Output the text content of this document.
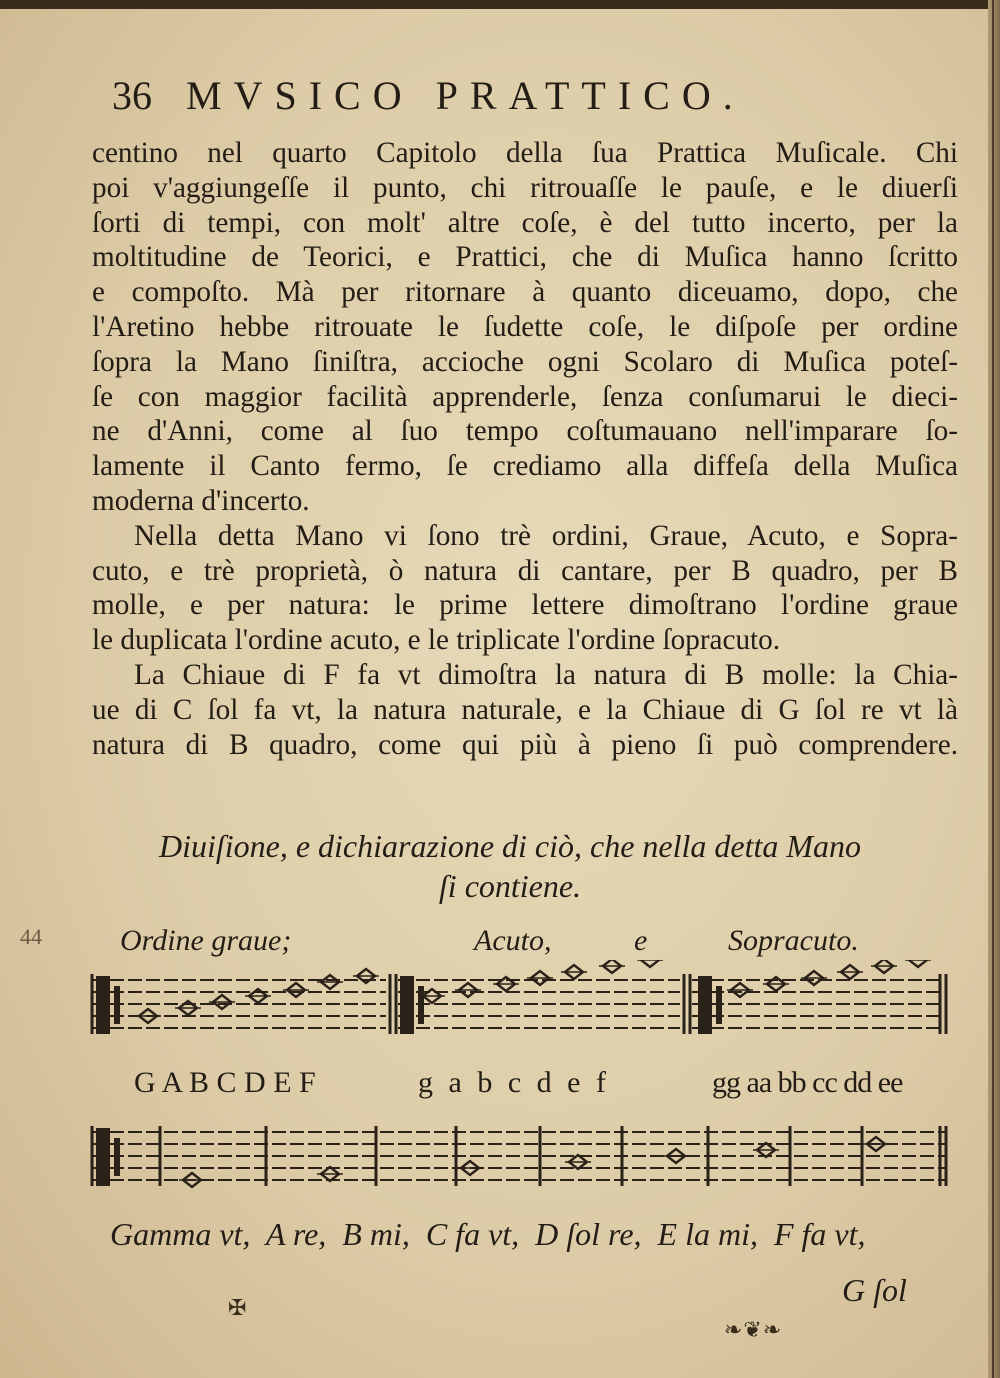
36 MVSICO PRATTICO.
centino nel quarto Capitolo della ſua Prattica Muſicale. Chi
poi v'aggiungeſſe il punto, chi ritrouaſſe le pauſe, e le diuerſi
ſorti di tempi, con molt' altre coſe, è del tutto incerto, per la
moltitudine de Teorici, e Prattici, che di Muſica hanno ſcritto
e compoſto. Mà per ritornare à quanto diceuamo, dopo, che
l'Aretino hebbe ritrouate le ſudette coſe, le diſpoſe per ordine
ſopra la Mano ſiniſtra, accioche ogni Scolaro di Muſica poteſ-
ſe con maggior facilità apprenderle, ſenza conſumarui le dieci-
ne d'Anni, come al ſuo tempo coſtumauano nell'imparare ſo-
lamente il Canto fermo, ſe crediamo alla diffeſa della Muſica
moderna d'incerto.
Nella detta Mano vi ſono trè ordini, Graue, Acuto, e Sopra-
cuto, e trè proprietà, ò natura di cantare, per B quadro, per B
molle, e per natura: le prime lettere dimoſtrano l'ordine graue
le duplicata l'ordine acuto, e le triplicate l'ordine ſopracuto.
La Chiaue di F fa vt dimoſtra la natura di B molle: la Chia-
ue di C ſol fa vt, la natura naturale, e la Chiaue di G ſol re vt là
natura di B quadro, come qui più à pieno ſi può comprendere.
Diuiſione, e dichiarazione di ciò, che nella detta Mano
ſi contiene.
44	Ordine graue;	Acuto,	e	Sopracuto.
G A B C D E F	g a b c d e f	gg aa bb cc dd ee
Gamma vt, A re, B mi, C fa vt, D ſol re, E la mi, F fa vt,
G ſol
✠
❧❦❧
